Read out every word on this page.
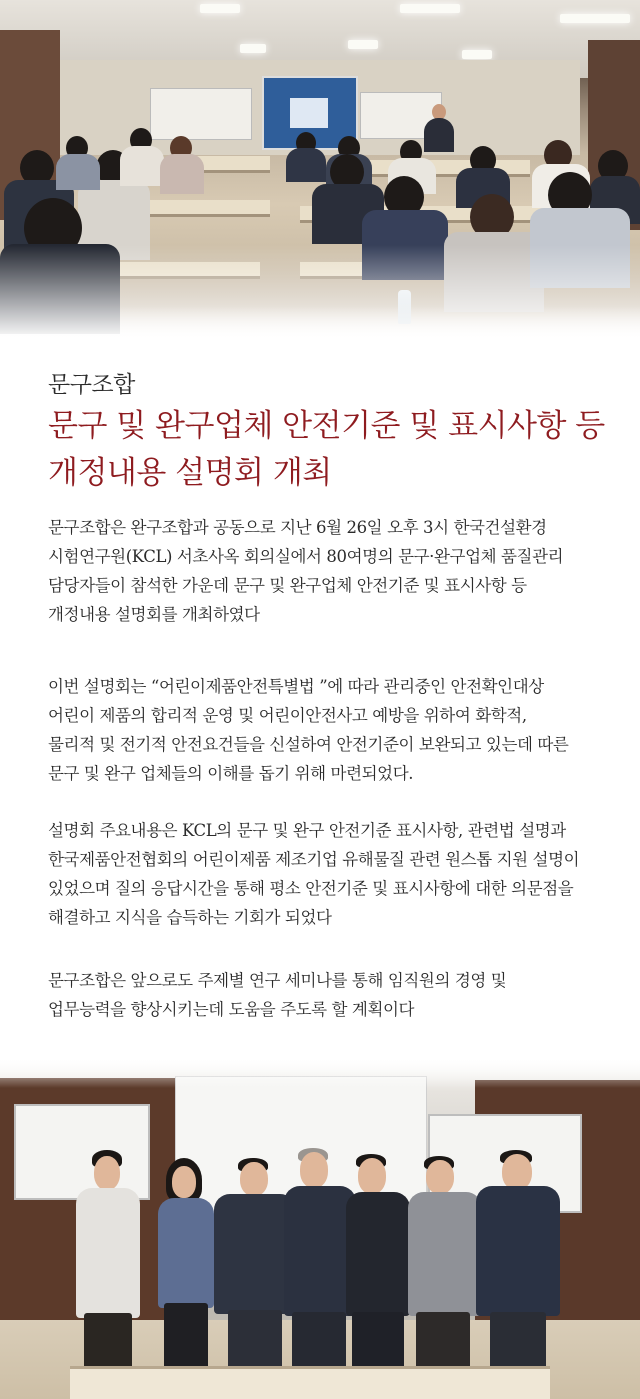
문구조합

문구 및 완구업체 안전기준 및 표시사항 등
개정내용 설명회 개최

문구조합은 완구조합과 공동으로 지난 6월 26일 오후 3시 한국건설환경
시험연구원(KCL) 서초사옥 회의실에서 80여명의 문구·완구업체 품질관리
담당자들이 참석한 가운데 문구 및 완구업체 안전기준 및 표시사항 등
개정내용 설명회를 개최하였다

이번 설명회는 “어린이제품안전특별법 ”에 따라 관리중인 안전확인대상
어린이 제품의 합리적 운영 및 어린이안전사고 예방을 위하여 화학적,
물리적 및 전기적 안전요건들을 신설하여 안전기준이 보완되고 있는데 따른
문구 및 완구 업체들의 이해를 돕기 위해 마련되었다.

설명회 주요내용은 KCL의 문구 및 완구 안전기준 표시사항, 관련법 설명과
한국제품안전협회의 어린이제품 제조기업 유해물질 관련 원스톱 지원 설명이
있었으며 질의 응답시간을 통해 평소 안전기준 및 표시사항에 대한 의문점을
해결하고 지식을 습득하는 기회가 되었다

문구조합은 앞으로도 주제별 연구 세미나를 통해 임직원의 경영 및
업무능력을 향상시키는데 도움을 주도록 할 계획이다
